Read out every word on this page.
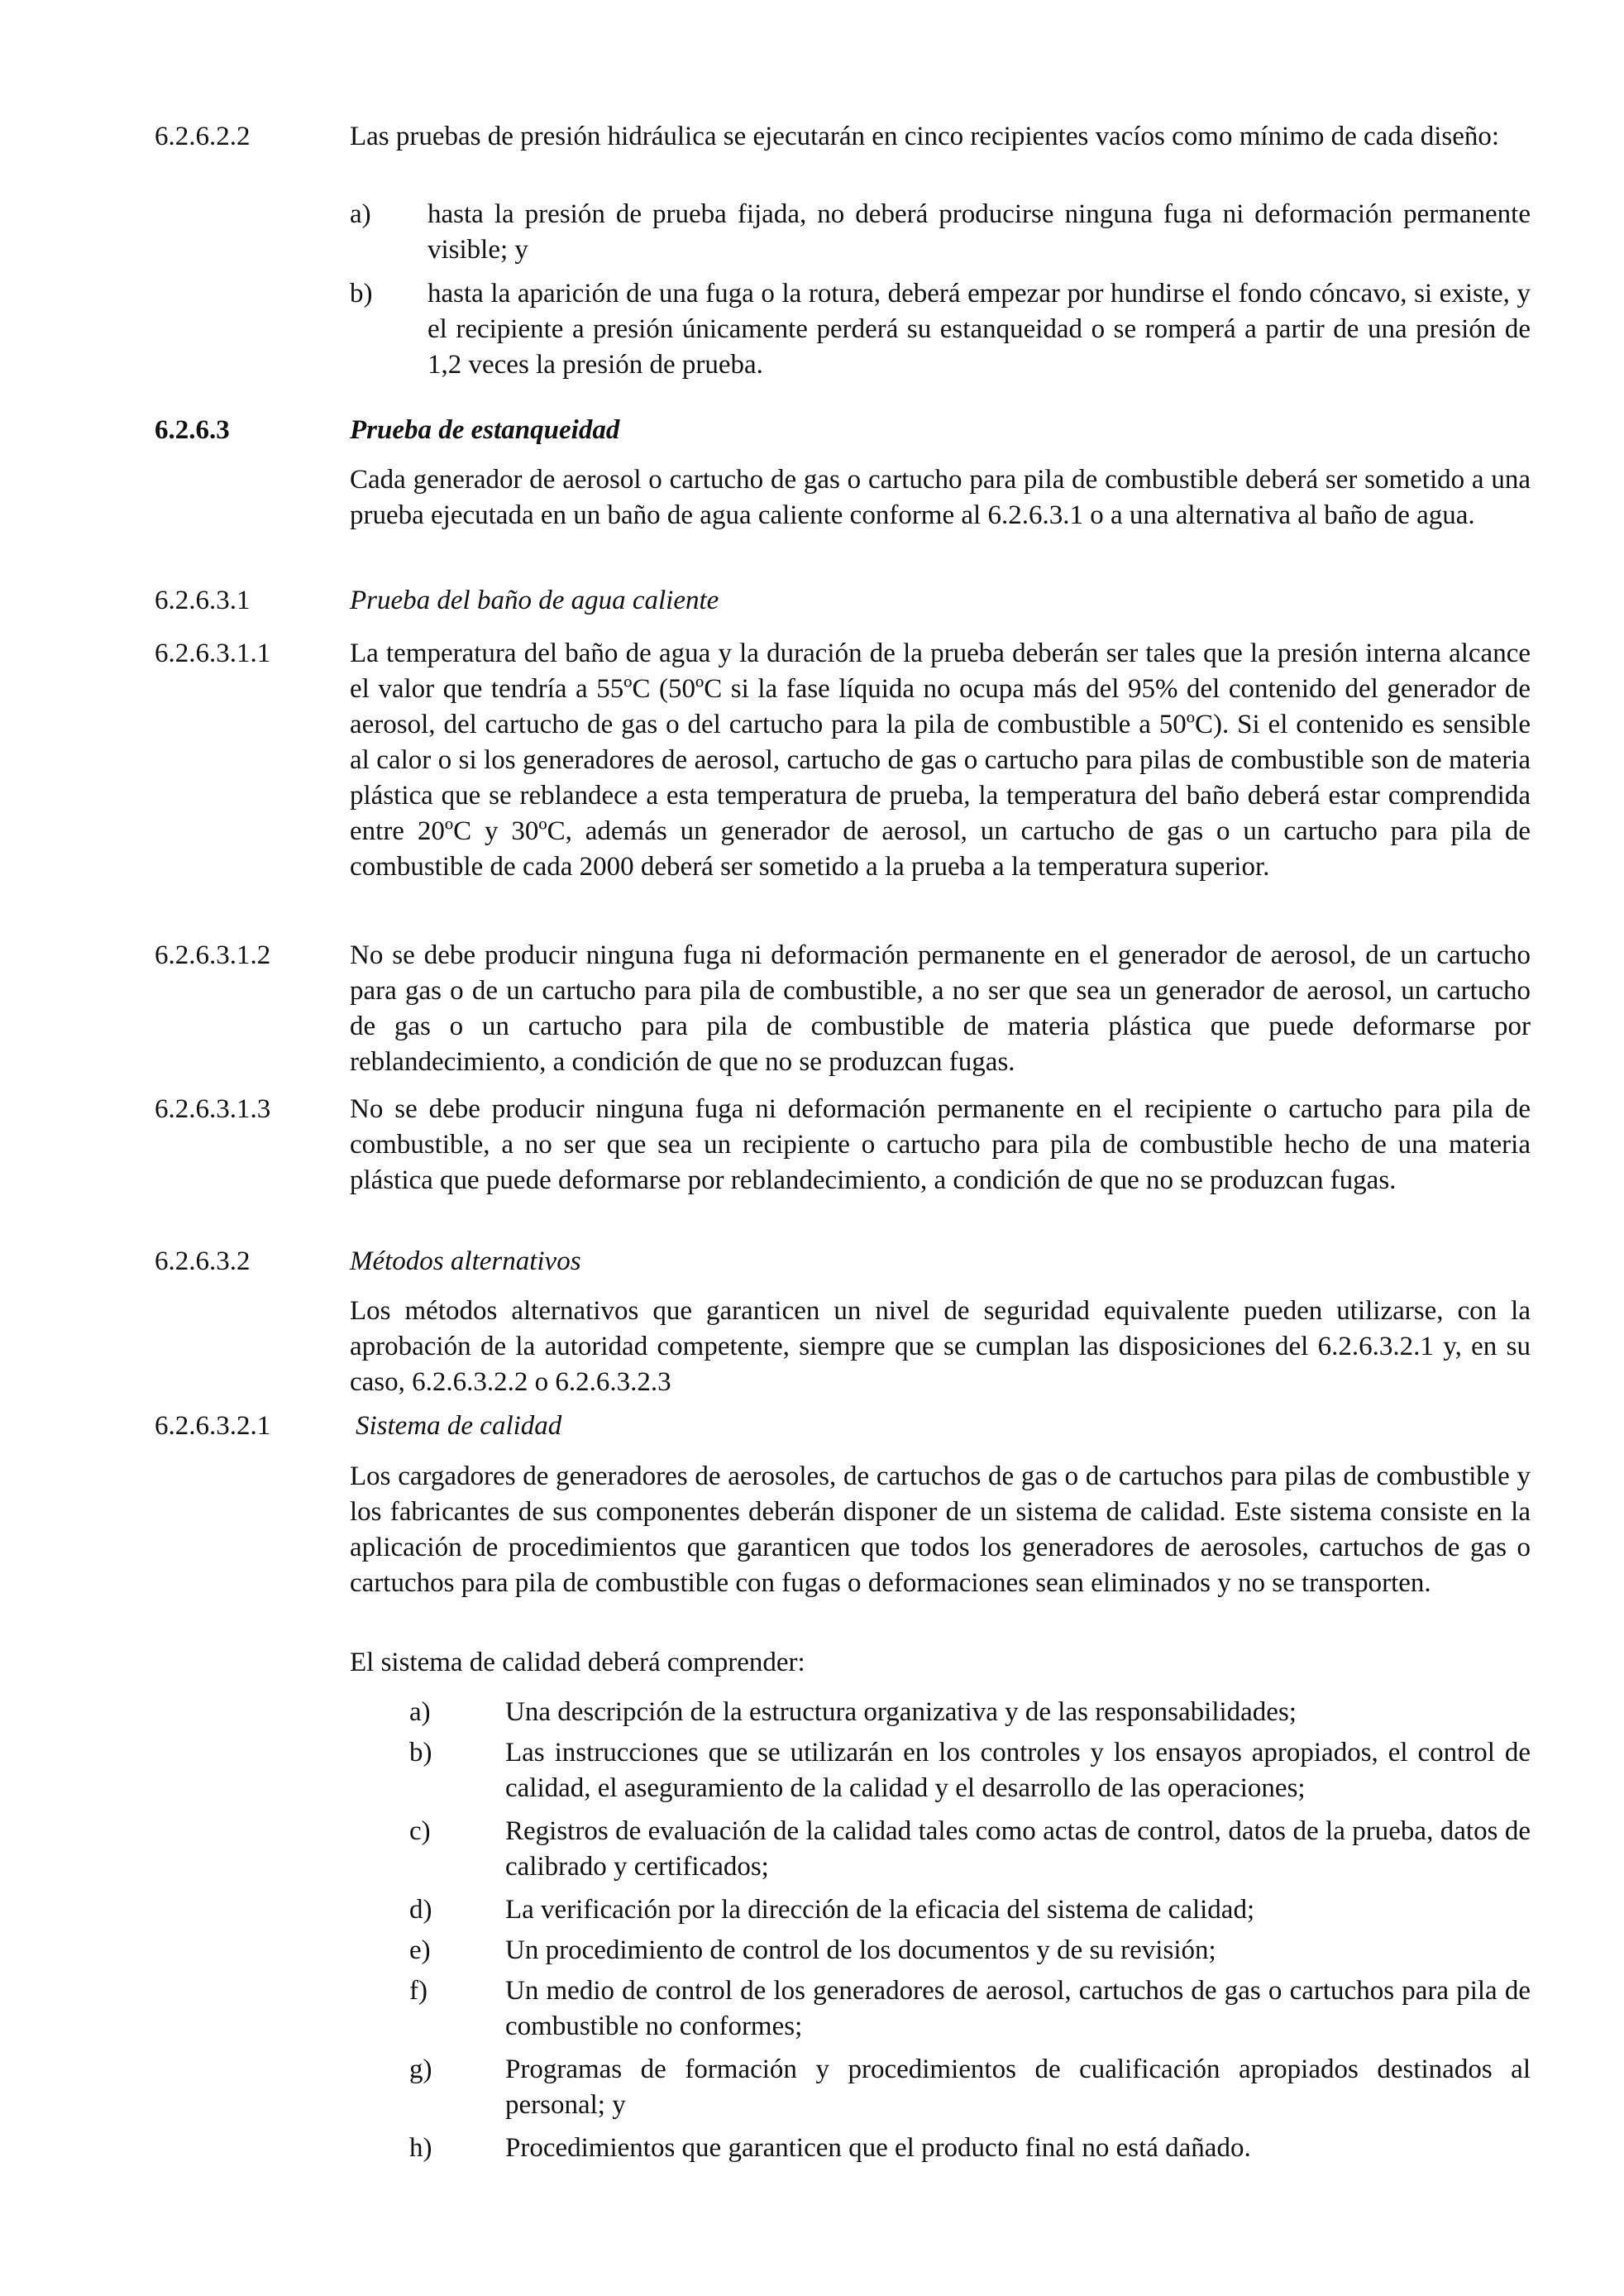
6.2.6.2.2	Las pruebas de presión hidráulica se ejecutarán en cinco recipientes vacíos como mínimo de cada diseño:

a) hasta la presión de prueba fijada, no deberá producirse ninguna fuga ni deformación permanente visible; y

b) hasta la aparición de una fuga o la rotura, deberá empezar por hundirse el fondo cóncavo, si existe, y el recipiente a presión únicamente perderá su estanqueidad o se romperá a partir de una presión de 1,2 veces la presión de prueba.

6.2.6.3	Prueba de estanqueidad

Cada generador de aerosol o cartucho de gas o cartucho para pila de combustible deberá ser sometido a una prueba ejecutada en un baño de agua caliente conforme al 6.2.6.3.1 o a una alternativa al baño de agua.

6.2.6.3.1	Prueba del baño de agua caliente
6.2.6.3.1.1	La temperatura del baño de agua y la duración de la prueba deberán ser tales que la presión interna alcance el valor que tendría a 55ºC (50ºC si la fase líquida no ocupa más del 95% del contenido del generador de aerosol, del cartucho de gas o del cartucho para la pila de combustible a 50ºC). Si el contenido es sensible al calor o si los generadores de aerosol, cartucho de gas o cartucho para pilas de combustible son de materia plástica que se reblandece a esta temperatura de prueba, la temperatura del baño deberá estar comprendida entre 20ºC y 30ºC, además un generador de aerosol, un cartucho de gas o un cartucho para pila de combustible de cada 2000 deberá ser sometido a la prueba a la temperatura superior.

6.2.6.3.1.2	No se debe producir ninguna fuga ni deformación permanente en el generador de aerosol, de un cartucho para gas o de un cartucho para pila de combustible, a no ser que sea un generador de aerosol, un cartucho de gas o un cartucho para pila de combustible de materia plástica que puede deformarse por reblandecimiento, a condición de que no se produzcan fugas.

6.2.6.3.1.3	No se debe producir ninguna fuga ni deformación permanente en el recipiente o cartucho para pila de combustible, a no ser que sea un recipiente o cartucho para pila de combustible hecho de una materia plástica que puede deformarse por reblandecimiento, a condición de que no se produzcan fugas.

6.2.6.3.2	Métodos alternativos

Los métodos alternativos que garanticen un nivel de seguridad equivalente pueden utilizarse, con la aprobación de la autoridad competente, siempre que se cumplan las disposiciones del 6.2.6.3.2.1 y, en su caso, 6.2.6.3.2.2 o 6.2.6.3.2.3

6.2.6.3.2.1	Sistema de calidad

Los cargadores de generadores de aerosoles, de cartuchos de gas o de cartuchos para pilas de combustible y los fabricantes de sus componentes deberán disponer de un sistema de calidad. Este sistema consiste en la aplicación de procedimientos que garanticen que todos los generadores de aerosoles, cartuchos de gas o cartuchos para pila de combustible con fugas o deformaciones sean eliminados y no se transporten.

El sistema de calidad deberá comprender:

a)	Una descripción de la estructura organizativa y de las responsabilidades;

b)	Las instrucciones que se utilizarán en los controles y los ensayos apropiados, el control de calidad, el aseguramiento de la calidad y el desarrollo de las operaciones;

c)	Registros de evaluación de la calidad tales como actas de control, datos de la prueba, datos de calibrado y certificados;

d)	La verificación por la dirección de la eficacia del sistema de calidad;

e)	Un procedimiento de control de los documentos y de su revisión;

f)	Un medio de control de los generadores de aerosol, cartuchos de gas o cartuchos para pila de combustible no conformes;

g)	Programas de formación y procedimientos de cualificación apropiados destinados al personal; y

h)	Procedimientos que garanticen que el producto final no está dañado.
